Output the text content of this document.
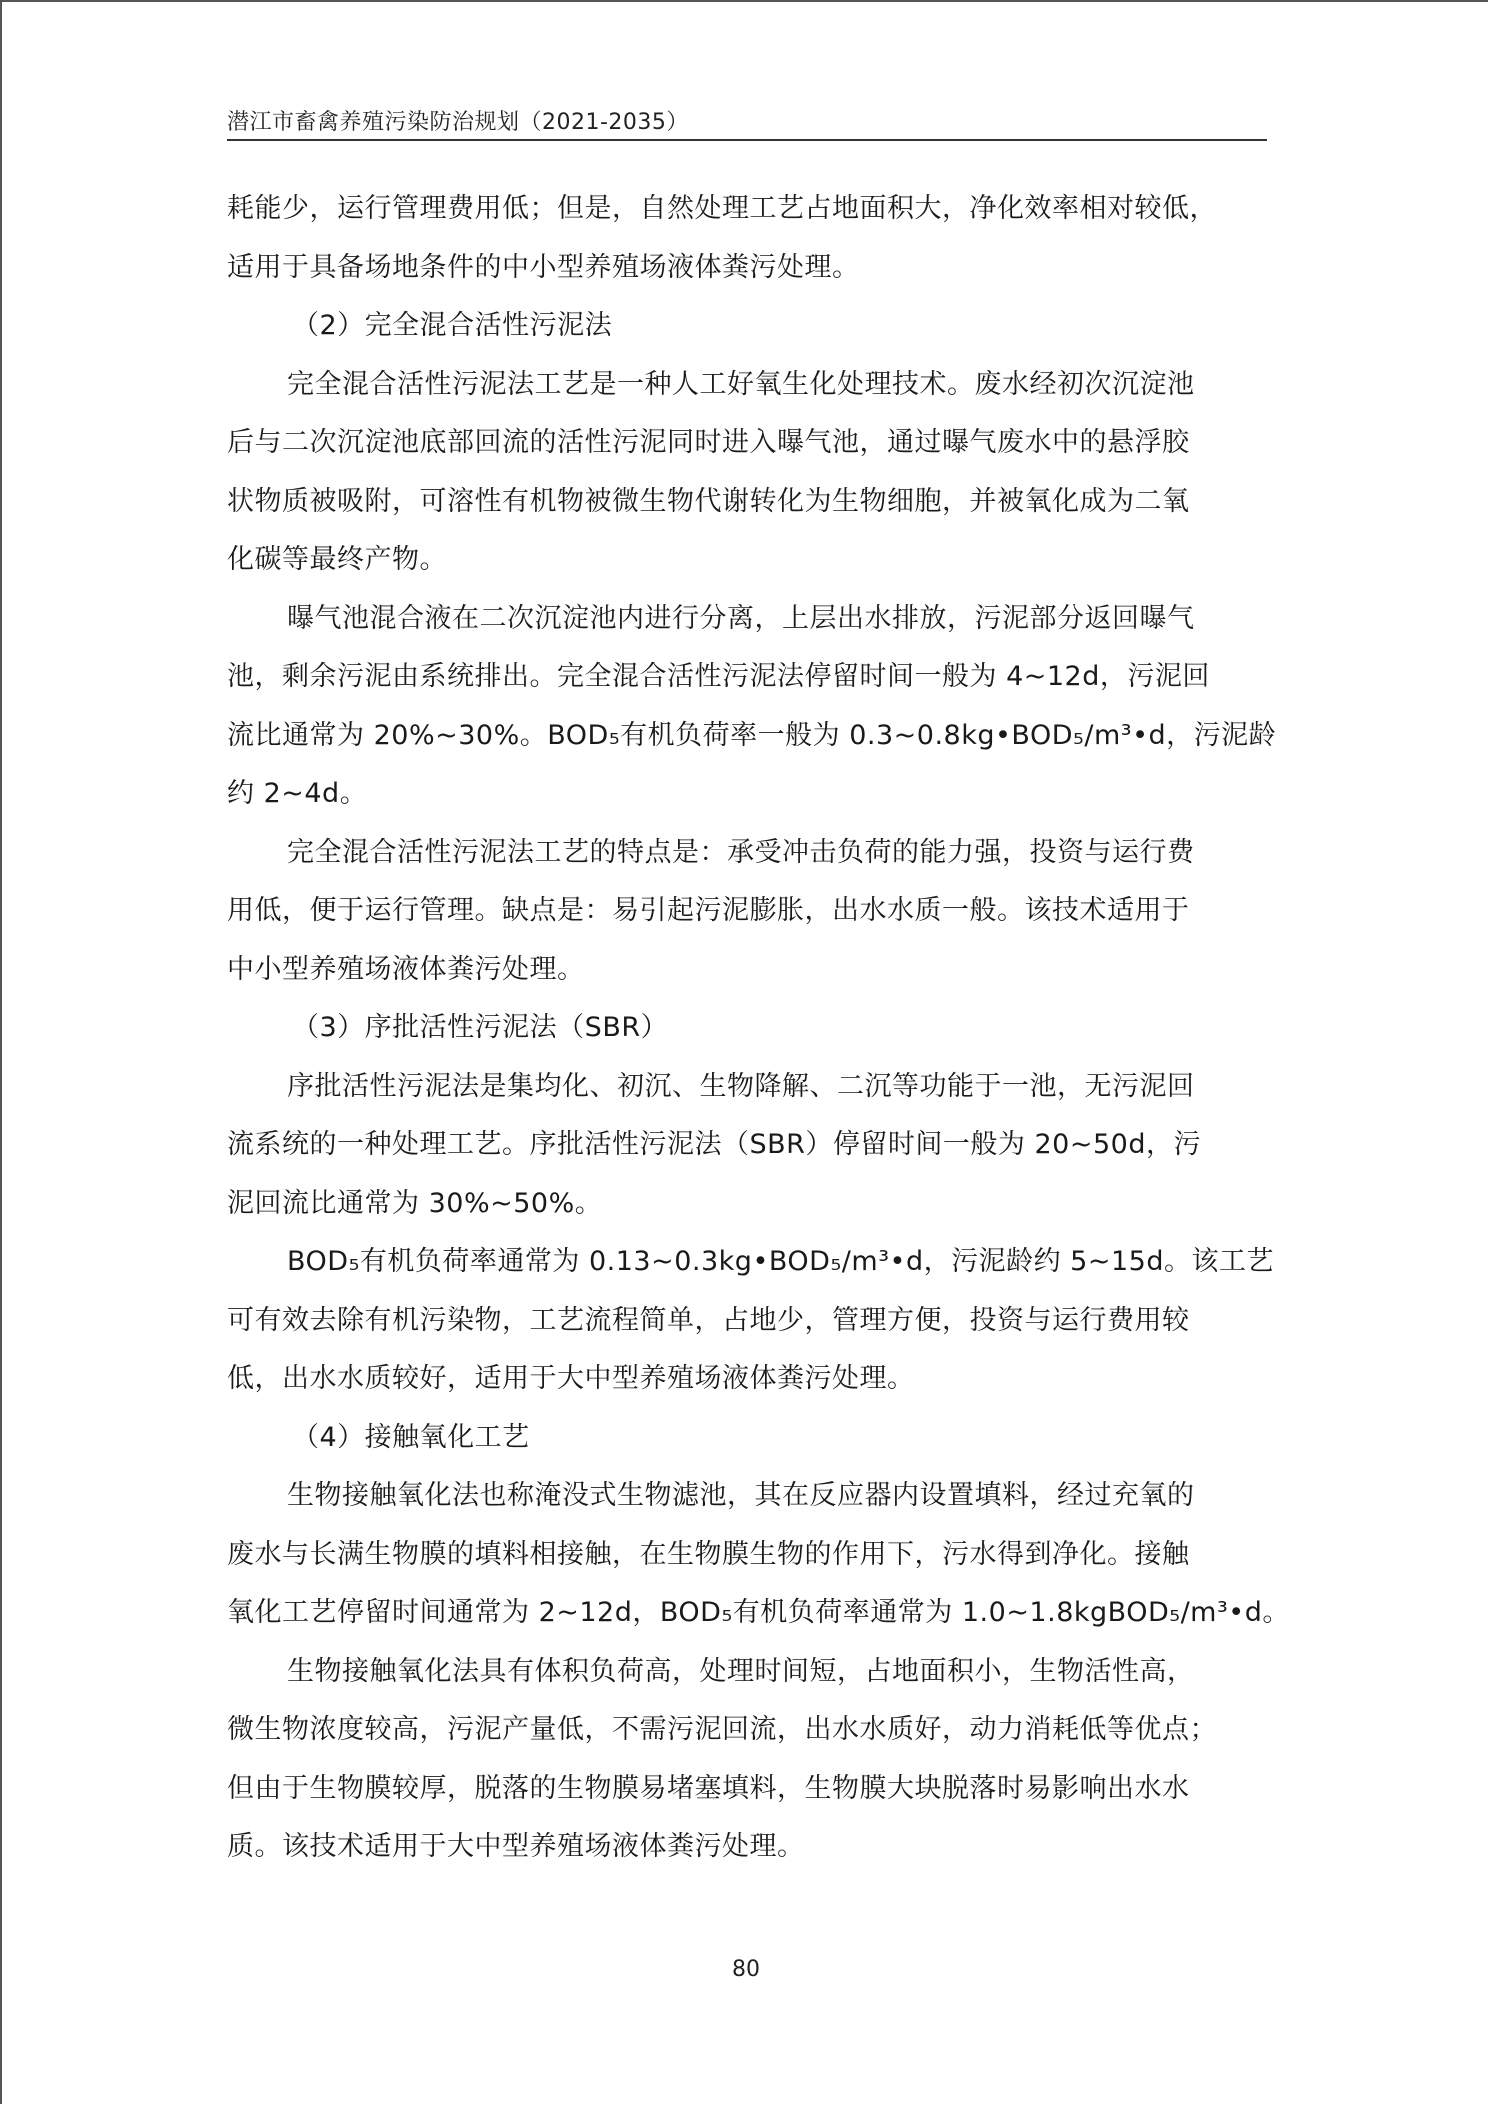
潜江市畜禽养殖污染防治规划（2021-2035）
耗能少，运行管理费用低；但是，自然处理工艺占地面积大，净化效率相对较低，
适用于具备场地条件的中小型养殖场液体粪污处理。
（2）完全混合活性污泥法
完全混合活性污泥法工艺是一种人工好氧生化处理技术。废水经初次沉淀池
后与二次沉淀池底部回流的活性污泥同时进入曝气池，通过曝气废水中的悬浮胶
状物质被吸附，可溶性有机物被微生物代谢转化为生物细胞，并被氧化成为二氧
化碳等最终产物。
曝气池混合液在二次沉淀池内进行分离，上层出水排放，污泥部分返回曝气
池，剩余污泥由系统排出。完全混合活性污泥法停留时间一般为 4~12d，污泥回
流比通常为 20%~30%。BOD₅有机负荷率一般为 0.3~0.8kg•BOD₅/m³•d，污泥龄
约 2~4d。
完全混合活性污泥法工艺的特点是：承受冲击负荷的能力强，投资与运行费
用低，便于运行管理。缺点是：易引起污泥膨胀，出水水质一般。该技术适用于
中小型养殖场液体粪污处理。
（3）序批活性污泥法（SBR）
序批活性污泥法是集均化、初沉、生物降解、二沉等功能于一池，无污泥回
流系统的一种处理工艺。序批活性污泥法（SBR）停留时间一般为 20~50d，污
泥回流比通常为 30%~50%。
BOD₅有机负荷率通常为 0.13~0.3kg•BOD₅/m³•d，污泥龄约 5~15d。该工艺
可有效去除有机污染物，工艺流程简单，占地少，管理方便，投资与运行费用较
低，出水水质较好，适用于大中型养殖场液体粪污处理。
（4）接触氧化工艺
生物接触氧化法也称淹没式生物滤池，其在反应器内设置填料，经过充氧的
废水与长满生物膜的填料相接触，在生物膜生物的作用下，污水得到净化。接触
氧化工艺停留时间通常为 2~12d，BOD₅有机负荷率通常为 1.0~1.8kgBOD₅/m³•d。
生物接触氧化法具有体积负荷高，处理时间短，占地面积小，生物活性高，
微生物浓度较高，污泥产量低，不需污泥回流，出水水质好，动力消耗低等优点；
但由于生物膜较厚，脱落的生物膜易堵塞填料，生物膜大块脱落时易影响出水水
质。该技术适用于大中型养殖场液体粪污处理。
80
